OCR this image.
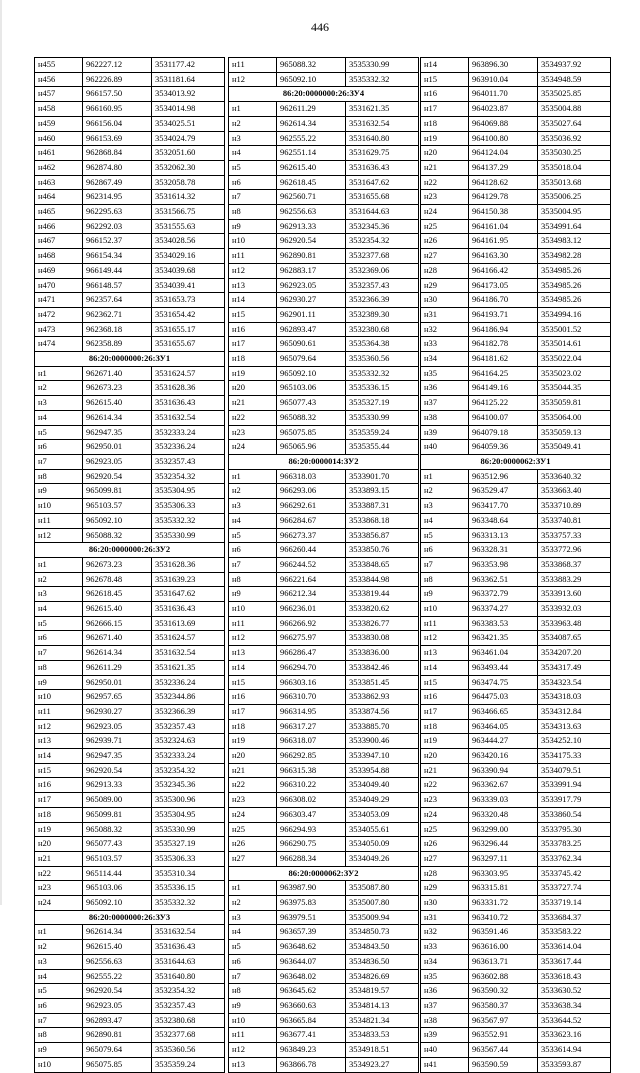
446
н455	962227.12	3531177.42
н456	962226.89	3531181.64
н457	966157.50	3534013.92
н458	966160.95	3534014.98
н459	966156.04	3534025.51
н460	966153.69	3534024.79
н461	962868.84	3532051.60
н462	962874.80	3532062.30
н463	962867.49	3532058.78
н464	962314.95	3531614.32
н465	962295.63	3531566.75
н466	962292.03	3531555.63
н467	966152.37	3534028.56
н468	966154.34	3534029.16
н469	966149.44	3534039.68
н470	966148.57	3534039.41
н471	962357.64	3531653.73
н472	962362.71	3531654.42
н473	962368.18	3531655.17
н474	962358.89	3531655.67
86:20:0000000:26:ЗУ1		
н1	962671.40	3531624.57
н2	962673.23	3531628.36
н3	962615.40	3531636.43
н4	962614.34	3531632.54
н5	962947.35	3532333.24
н6	962950.01	3532336.24
н7	962923.05	3532357.43
н8	962920.54	3532354.32
н9	965099.81	3535304.95
н10	965103.57	3535306.33
н11	965092.10	3535332.32
н12	965088.32	3535330.99
86:20:0000000:26:ЗУ2		
н1	962673.23	3531628.36
н2	962678.48	3531639.23
н3	962618.45	3531647.62
н4	962615.40	3531636.43
н5	962666.15	3531613.69
н6	962671.40	3531624.57
н7	962614.34	3531632.54
н8	962611.29	3531621.35
н9	962950.01	3532336.24
н10	962957.65	3532344.86
н11	962930.27	3532366.39
н12	962923.05	3532357.43
н13	962939.71	3532324.63
н14	962947.35	3532333.24
н15	962920.54	3532354.32
н16	962913.33	3532345.36
н17	965089.00	3535300.96
н18	965099.81	3535304.95
н19	965088.32	3535330.99
н20	965077.43	3535327.19
н21	965103.57	3535306.33
н22	965114.44	3535310.34
н23	965103.06	3535336.15
н24	965092.10	3535332.32
86:20:0000000:26:ЗУ3		
н1	962614.34	3531632.54
н2	962615.40	3531636.43
н3	962556.63	3531644.63
н4	962555.22	3531640.80
н5	962920.54	3532354.32
н6	962923.05	3532357.43
н7	962893.47	3532380.68
н8	962890.81	3532377.68
н9	965079.64	3535360.56
н10	965075.85	3535359.24
н11	965088.32	3535330.99
н12	965092.10	3535332.32
86:20:0000000:26:ЗУ4		
н1	962611.29	3531621.35
н2	962614.34	3531632.54
н3	962555.22	3531640.80
н4	962551.14	3531629.75
н5	962615.40	3531636.43
н6	962618.45	3531647.62
н7	962560.71	3531655.68
н8	962556.63	3531644.63
н9	962913.33	3532345.36
н10	962920.54	3532354.32
н11	962890.81	3532377.68
н12	962883.17	3532369.06
н13	962923.05	3532357.43
н14	962930.27	3532366.39
н15	962901.11	3532389.30
н16	962893.47	3532380.68
н17	965090.61	3535364.38
н18	965079.64	3535360.56
н19	965092.10	3535332.32
н20	965103.06	3535336.15
н21	965077.43	3535327.19
н22	965088.32	3535330.99
н23	965075.85	3535359.24
н24	965065.96	3535355.44
86:20:0000014:ЗУ2		
н1	966318.03	3533901.70
н2	966293.06	3533893.15
н3	966292.61	3533887.31
н4	966284.67	3533868.18
н5	966273.37	3533856.87
н6	966260.44	3533850.76
н7	966244.52	3533848.65
н8	966221.64	3533844.98
н9	966212.34	3533819.44
н10	966236.01	3533820.62
н11	966266.92	3533826.77
н12	966275.97	3533830.08
н13	966286.47	3533836.00
н14	966294.70	3533842.46
н15	966303.16	3533851.45
н16	966310.70	3533862.93
н17	966314.95	3533874.56
н18	966317.27	3533885.70
н19	966318.07	3533900.46
н20	966292.85	3533947.10
н21	966315.38	3533954.88
н22	966310.22	3534049.40
н23	966308.02	3534049.29
н24	966303.47	3534053.09
н25	966294.93	3534055.61
н26	966290.75	3534050.09
н27	966288.34	3534049.26
86:20:0000062:ЗУ2		
н1	963987.90	3535087.80
н2	963975.83	3535007.80
н3	963979.51	3535009.94
н4	963657.39	3534850.73
н5	963648.62	3534843.50
н6	963644.07	3534836.50
н7	963648.02	3534826.69
н8	963645.62	3534819.57
н9	963660.63	3534814.13
н10	963665.84	3534821.34
н11	963677.41	3534833.53
н12	963849.23	3534918.51
н13	963866.78	3534923.27
н14	963896.30	3534937.92
н15	963910.04	3534948.59
н16	964011.70	3535025.85
н17	964023.87	3535004.88
н18	964069.88	3535027.64
н19	964100.80	3535036.92
н20	964124.04	3535030.25
н21	964137.29	3535018.04
н22	964128.62	3535013.68
н23	964129.78	3535006.25
н24	964150.38	3535004.95
н25	964161.04	3534991.64
н26	964161.95	3534983.12
н27	964163.30	3534982.28
н28	964166.42	3534985.26
н29	964173.05	3534985.26
н30	964186.70	3534985.26
н31	964193.71	3534994.16
н32	964186.94	3535001.52
н33	964182.78	3535014.61
н34	964181.62	3535022.04
н35	964164.25	3535023.02
н36	964149.16	3535044.35
н37	964125.22	3535059.81
н38	964100.07	3535064.00
н39	964079.18	3535059.13
н40	964059.36	3535049.41
86:20:0000062:ЗУ1		
н1	963512.96	3533640.32
н2	963529.47	3533663.40
н3	963417.70	3533710.89
н4	963348.64	3533740.81
н5	963313.13	3533757.33
н6	963328.31	3533772.96
н7	963353.98	3533868.37
н8	963362.51	3533883.29
н9	963372.79	3533913.60
н10	963374.27	3533932.03
н11	963383.53	3533963.48
н12	963421.35	3534087.65
н13	963461.04	3534207.20
н14	963493.44	3534317.49
н15	963474.75	3534323.54
н16	964475.03	3534318.03
н17	963466.65	3534312.84
н18	963464.05	3534313.63
н19	963444.27	3534252.10
н20	963420.16	3534175.33
н21	963390.94	3534079.51
н22	963362.67	3533991.94
н23	963339.03	3533917.79
н24	963320.48	3533860.54
н25	963299.00	3533795.30
н26	963296.44	3533783.25
н27	963297.11	3533762.34
н28	963303.95	3533745.42
н29	963315.81	3533727.74
н30	963331.72	3533719.14
н31	963410.72	3533684.37
н32	963591.46	3533583.22
н33	963616.00	3533614.04
н34	963613.71	3533617.44
н35	963602.88	3533618.43
н36	963590.32	3533630.52
н37	963580.37	3533638.34
н38	963567.97	3533644.52
н39	963552.91	3533623.16
н40	963567.44	3533614.94
н41	963590.59	3533593.87
